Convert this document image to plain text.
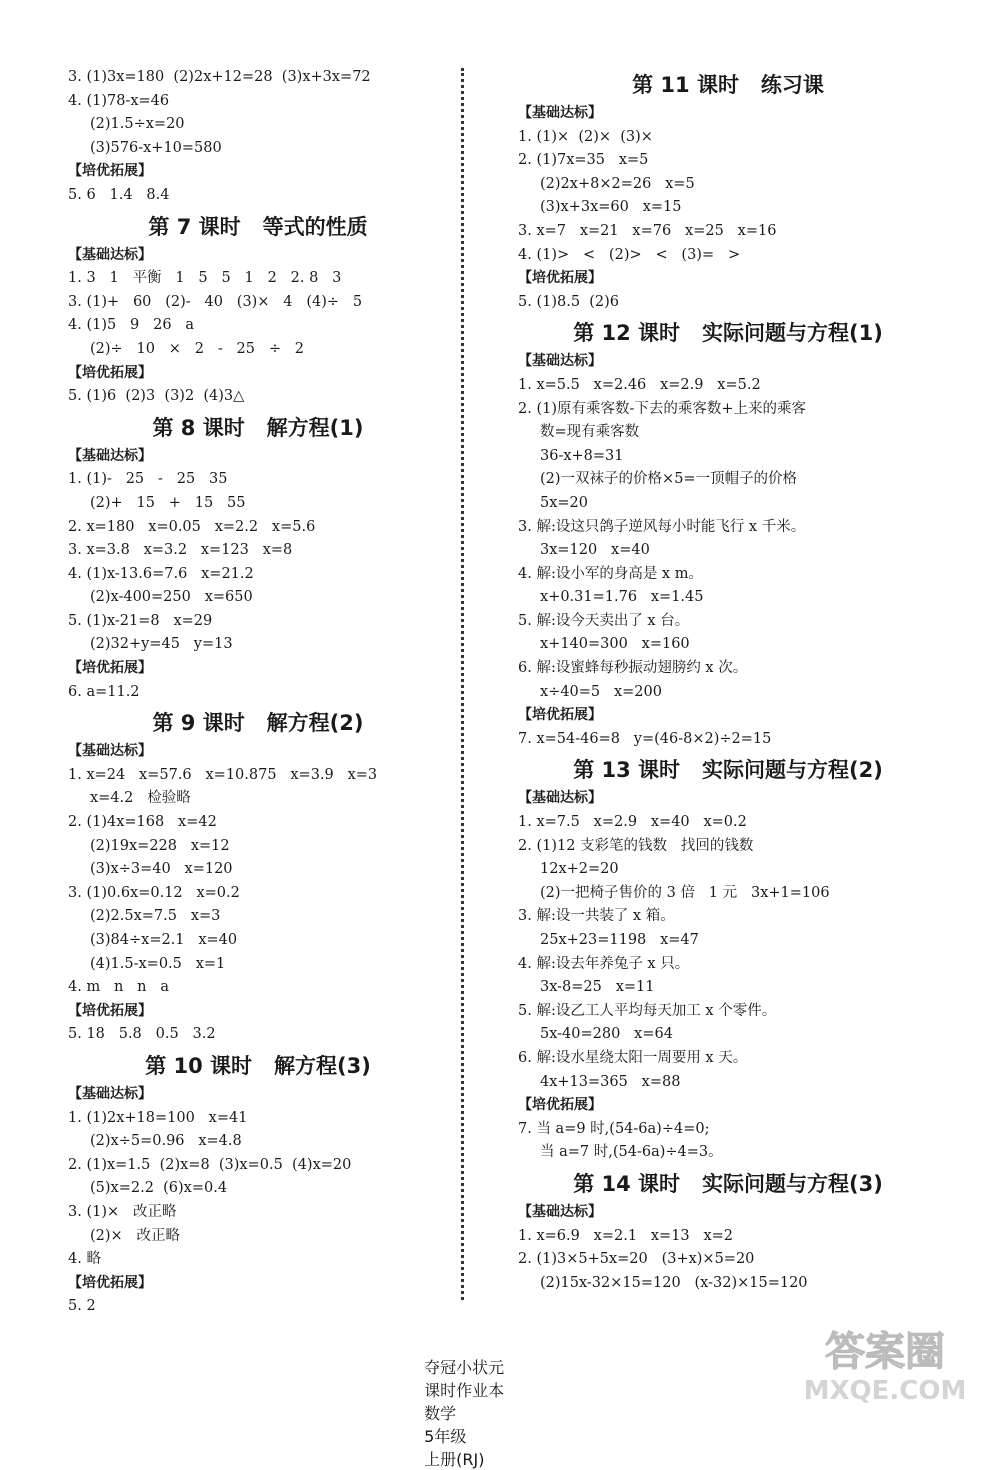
3. (1)3x=180  (2)2x+12=28  (3)x+3x=72
4. (1)78-x=46
(2)1.5÷x=20
(3)576-x+10=580
【培优拓展】
5. 6   1.4   8.4
第 7 课时   等式的性质
【基础达标】
1. 3   1   平衡   1   5   5   1   2   2. 8   3
3. (1)+   60   (2)-   40   (3)×   4   (4)÷   5
4. (1)5   9   26   a
(2)÷   10   ×   2   -   25   ÷   2
【培优拓展】
5. (1)6  (2)3  (3)2  (4)3△
第 8 课时   解方程(1)
【基础达标】
1. (1)-   25   -   25   35
(2)+   15   +   15   55
2. x=180   x=0.05   x=2.2   x=5.6
3. x=3.8   x=3.2   x=123   x=8
4. (1)x-13.6=7.6   x=21.2
(2)x-400=250   x=650
5. (1)x-21=8   x=29
(2)32+y=45   y=13
【培优拓展】
6. a=11.2
第 9 课时   解方程(2)
【基础达标】
1. x=24   x=57.6   x=10.875   x=3.9   x=3
x=4.2   检验略
2. (1)4x=168   x=42
(2)19x=228   x=12
(3)x÷3=40   x=120
3. (1)0.6x=0.12   x=0.2
(2)2.5x=7.5   x=3
(3)84÷x=2.1   x=40
(4)1.5-x=0.5   x=1
4. m   n   n   a
【培优拓展】
5. 18   5.8   0.5   3.2
第 10 课时   解方程(3)
【基础达标】
1. (1)2x+18=100   x=41
(2)x÷5=0.96   x=4.8
2. (1)x=1.5  (2)x=8  (3)x=0.5  (4)x=20
(5)x=2.2  (6)x=0.4
3. (1)×   改正略
(2)×   改正略
4. 略
【培优拓展】
5. 2
第 11 课时   练习课
【基础达标】
1. (1)×  (2)×  (3)×
2. (1)7x=35   x=5
(2)2x+8×2=26   x=5
(3)x+3x=60   x=15
3. x=7   x=21   x=76   x=25   x=16
4. (1)>   <   (2)>   <   (3)=   >
【培优拓展】
5. (1)8.5  (2)6
第 12 课时   实际问题与方程(1)
【基础达标】
1. x=5.5   x=2.46   x=2.9   x=5.2
2. (1)原有乘客数-下去的乘客数+上来的乘客
数=现有乘客数
36-x+8=31
(2)一双袜子的价格×5=一顶帽子的价格
5x=20
3. 解:设这只鸽子逆风每小时能飞行 x 千米。
3x=120   x=40
4. 解:设小军的身高是 x m。
x+0.31=1.76   x=1.45
5. 解:设今天卖出了 x 台。
x+140=300   x=160
6. 解:设蜜蜂每秒振动翅膀约 x 次。
x÷40=5   x=200
【培优拓展】
7. x=54-46=8   y=(46-8×2)÷2=15
第 13 课时   实际问题与方程(2)
【基础达标】
1. x=7.5   x=2.9   x=40   x=0.2
2. (1)12 支彩笔的钱数   找回的钱数
12x+2=20
(2)一把椅子售价的 3 倍   1 元   3x+1=106
3. 解:设一共装了 x 箱。
25x+23=1198   x=47
4. 解:设去年养兔子 x 只。
3x-8=25   x=11
5. 解:设乙工人平均每天加工 x 个零件。
5x-40=280   x=64
6. 解:设水星绕太阳一周要用 x 天。
4x+13=365   x=88
【培优拓展】
7. 当 a=9 时,(54-6a)÷4=0;
当 a=7 时,(54-6a)÷4=3。
第 14 课时   实际问题与方程(3)
【基础达标】
1. x=6.9   x=2.1   x=13   x=2
2. (1)3×5+5x=20   (3+x)×5=20
(2)15x-32×15=120   (x-32)×15=120

夺冠小状元
课时作业本
数学
5年级
上册(RJ)

答案圈
MXQE.COM
